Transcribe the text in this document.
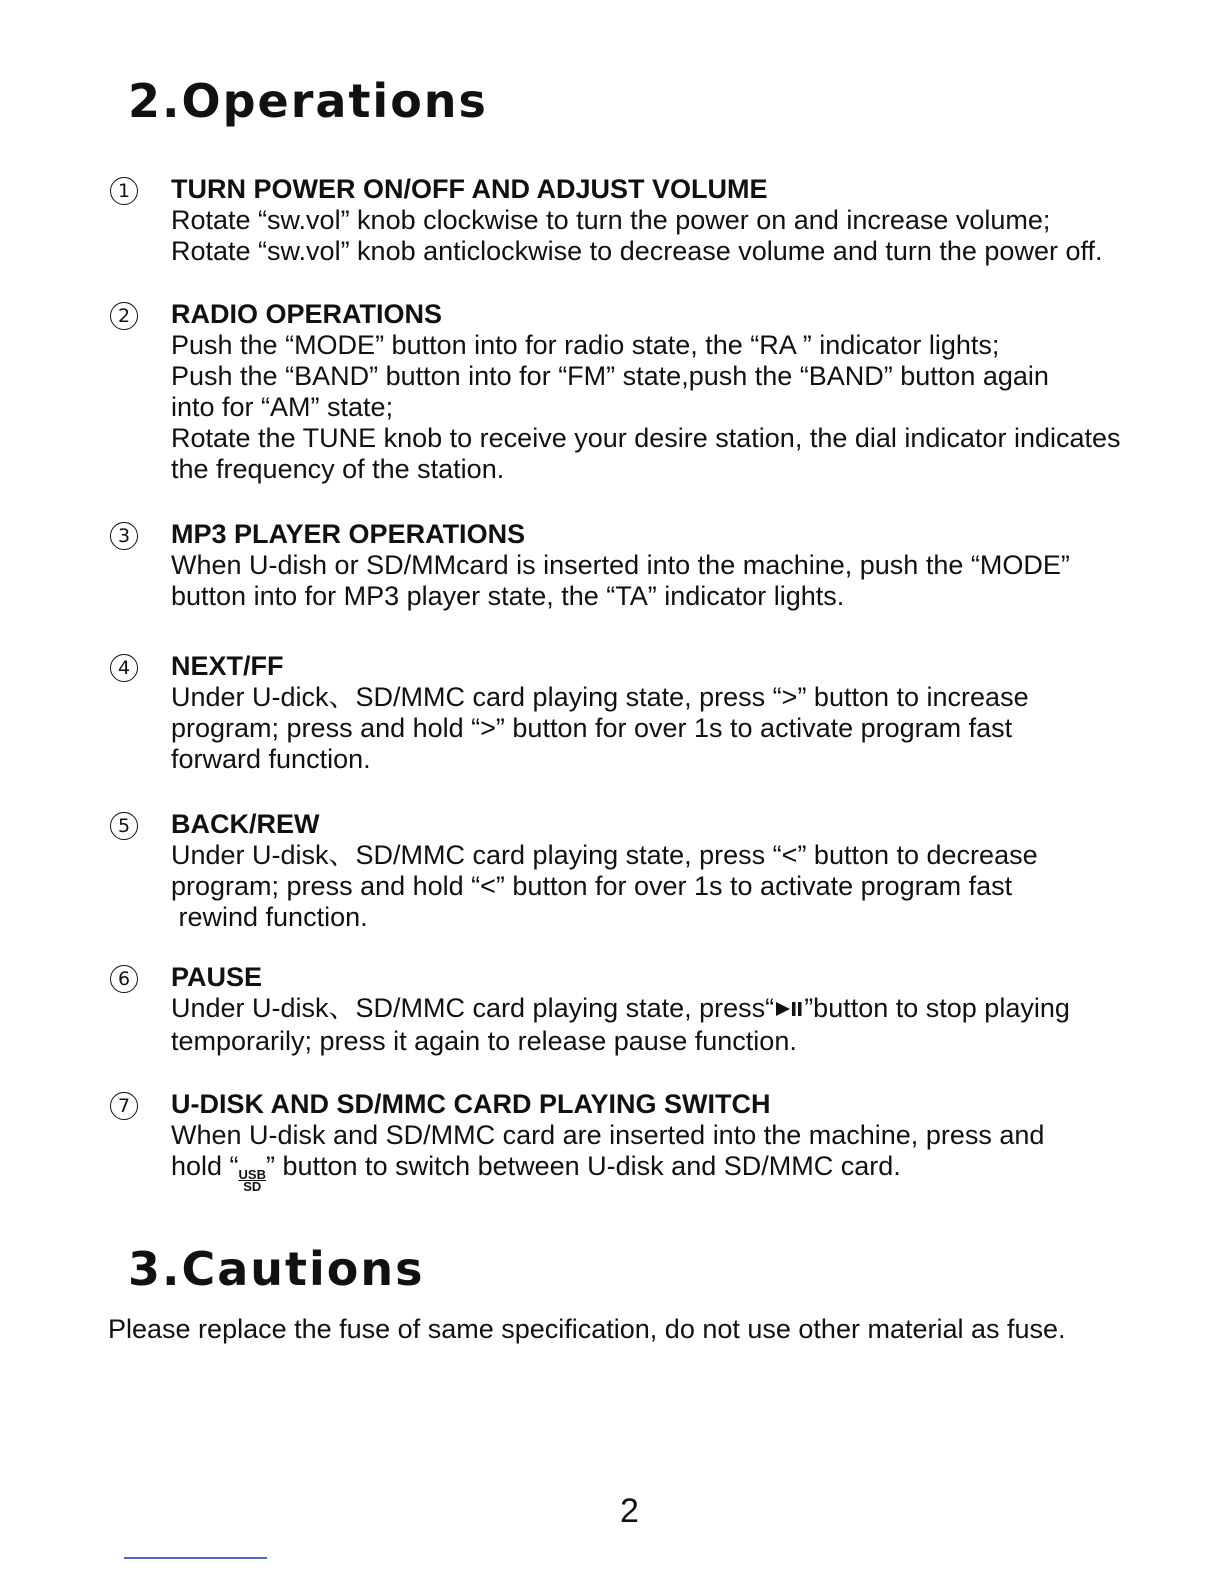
2.Operations
1 TURN POWER ON/OFF AND ADJUST VOLUME
Rotate “sw.vol” knob clockwise to turn the power on and increase volume;
Rotate “sw.vol” knob anticlockwise to decrease volume and turn the power off.
2 RADIO OPERATIONS
Push the “MODE” button into for radio state, the “RA ” indicator lights;
Push the “BAND” button into for “FM” state,push the “BAND” button again
into for “AM” state;
Rotate the TUNE knob to receive your desire station, the dial indicator indicates
the frequency of the station.
3 MP3 PLAYER OPERATIONS
When U-dish or SD/MMcard is inserted into the machine, push the “MODE”
button into for MP3 player state, the “TA” indicator lights.
4 NEXT/FF
Under U-dick、SD/MMC card playing state, press “>” button to increase
program; press and hold “>” button for over 1s to activate program fast
forward function.
5 BACK/REW
Under U-disk、SD/MMC card playing state, press “<” button to decrease
program; press and hold “<” button for over 1s to activate program fast
rewind function.
6 PAUSE
Under U-disk、SD/MMC card playing state, press“ ”button to stop playing
temporarily; press it again to release pause function.
7 U-DISK AND SD/MMC CARD PLAYING SWITCH
When U-disk and SD/MMC card are inserted into the machine, press and
hold “ USB
SD
” button to switch between U-disk and SD/MMC card.
3.Cautions
Please replace the fuse of same specification, do not use other material as fuse.
2
